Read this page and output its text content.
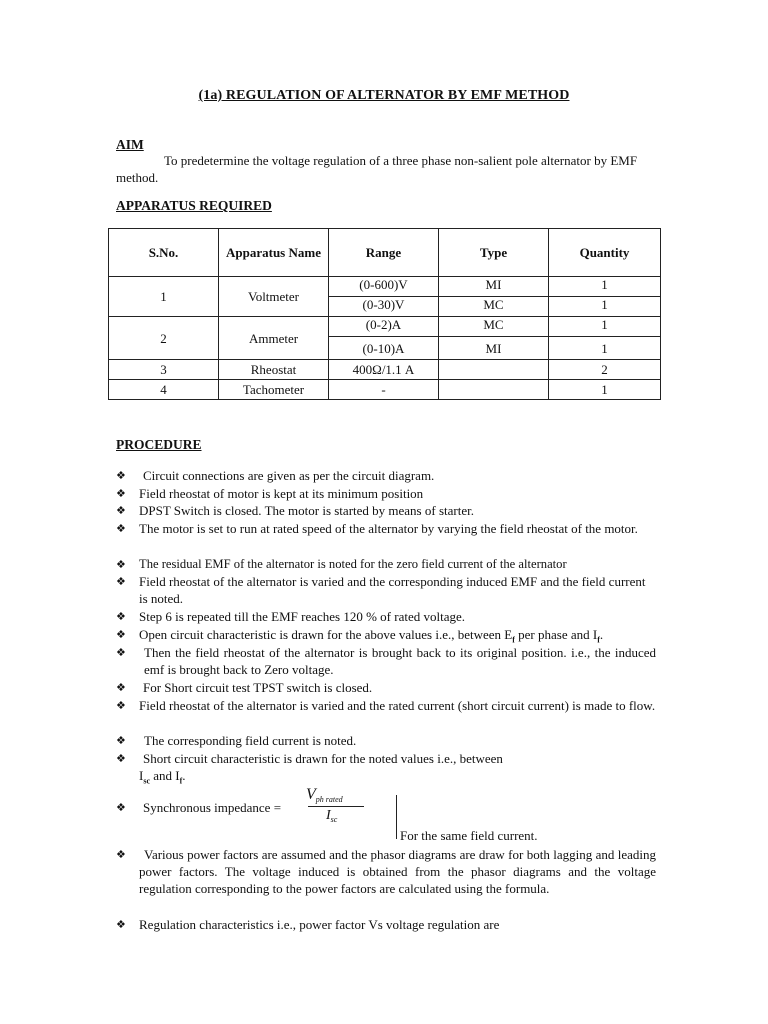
(1a) REGULATION OF ALTERNATOR BY EMF METHOD
AIM
To predetermine the voltage regulation of a three phase non-salient pole alternator by EMF method.
APPARATUS REQUIRED
S.No.	Apparatus Name	Range	Type	Quantity
1	Voltmeter	(0-600)V	MI	1
		(0-30)V	MC	1
2	Ammeter	(0-2)A	MC	1
		(0-10)A	MI	1
3	Rheostat	400Ω/1.1 A		2
4	Tachometer	-		1
PROCEDURE
❖ Circuit connections are given as per the circuit diagram.
❖ Field rheostat of motor is kept at its minimum position
❖ DPST Switch is closed. The motor is started by means of starter.
❖ The motor is set to run at rated speed of the alternator by varying the field rheostat of the motor.
❖ The residual EMF of the alternator is noted for the zero field current of the alternator
❖ Field rheostat of the alternator is varied and the corresponding induced EMF and the field current is noted.
❖ Step 6 is repeated till the EMF reaches 120 % of rated voltage.
❖ Open circuit characteristic is drawn for the above values i.e., between $E_f$ per phase and $I_f$.
❖ Then the field rheostat of the alternator is brought back to its original position. i.e., the induced emf is brought back to Zero voltage.
❖ For Short circuit test TPST switch is closed.
❖ Field rheostat of the alternator is varied and the rated current (short circuit current) is made to flow.
❖ The corresponding field current is noted.
❖ Short circuit characteristic is drawn for the noted values i.e., between
$I_{sc}$ and $I_f$.
❖ Synchronous impedance =
$V_{ph rated}$
$I_{sc}$
For the same field current.
❖	Various power factors are assumed and the phasor diagrams are draw for both lagging and leading power factors. The voltage induced is obtained from the phasor diagrams and the voltage regulation corresponding to the power factors are calculated using the formula.
❖ Regulation characteristics i.e., power factor Vs voltage regulation are
